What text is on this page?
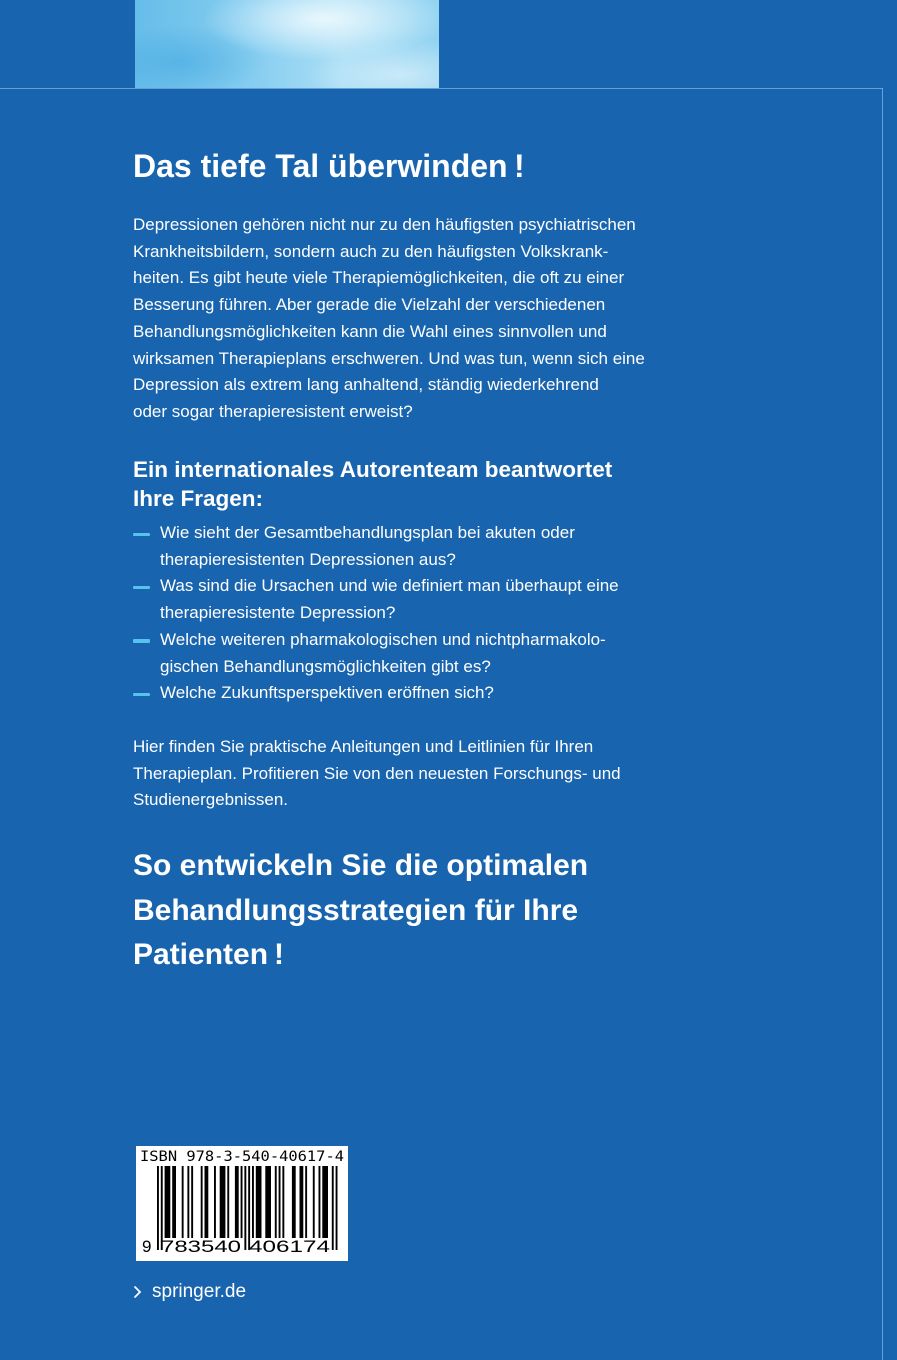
Das tiefe Tal überwinden !
Depressionen gehören nicht nur zu den häufigsten psychiatrischen
Krankheitsbildern, sondern auch zu den häufigsten Volkskrank-
heiten. Es gibt heute viele Therapiemöglichkeiten, die oft zu einer
Besserung führen. Aber gerade die Vielzahl der verschiedenen
Behandlungsmöglichkeiten kann die Wahl eines sinnvollen und
wirksamen Therapieplans erschweren. Und was tun, wenn sich eine
Depression als extrem lang anhaltend, ständig wiederkehrend
oder sogar therapieresistent erweist?
Ein internationales Autorenteam beantwortet
Ihre Fragen:
Wie sieht der Gesamtbehandlungsplan bei akuten oder
therapieresistenten Depressionen aus?
Was sind die Ursachen und wie definiert man überhaupt eine
therapieresistente Depression?
Welche weiteren pharmakologischen und nichtpharmakolo-
gischen Behandlungsmöglichkeiten gibt es?
Welche Zukunftsperspektiven eröffnen sich?
Hier finden Sie praktische Anleitungen und Leitlinien für Ihren
Therapieplan. Profitieren Sie von den neuesten Forschungs- und
Studienergebnissen.
So entwickeln Sie die optimalen
Behandlungsstrategien für Ihre
Patienten !
ISBN 978-3-540-40617-4
9 783540 406174
springer.de
